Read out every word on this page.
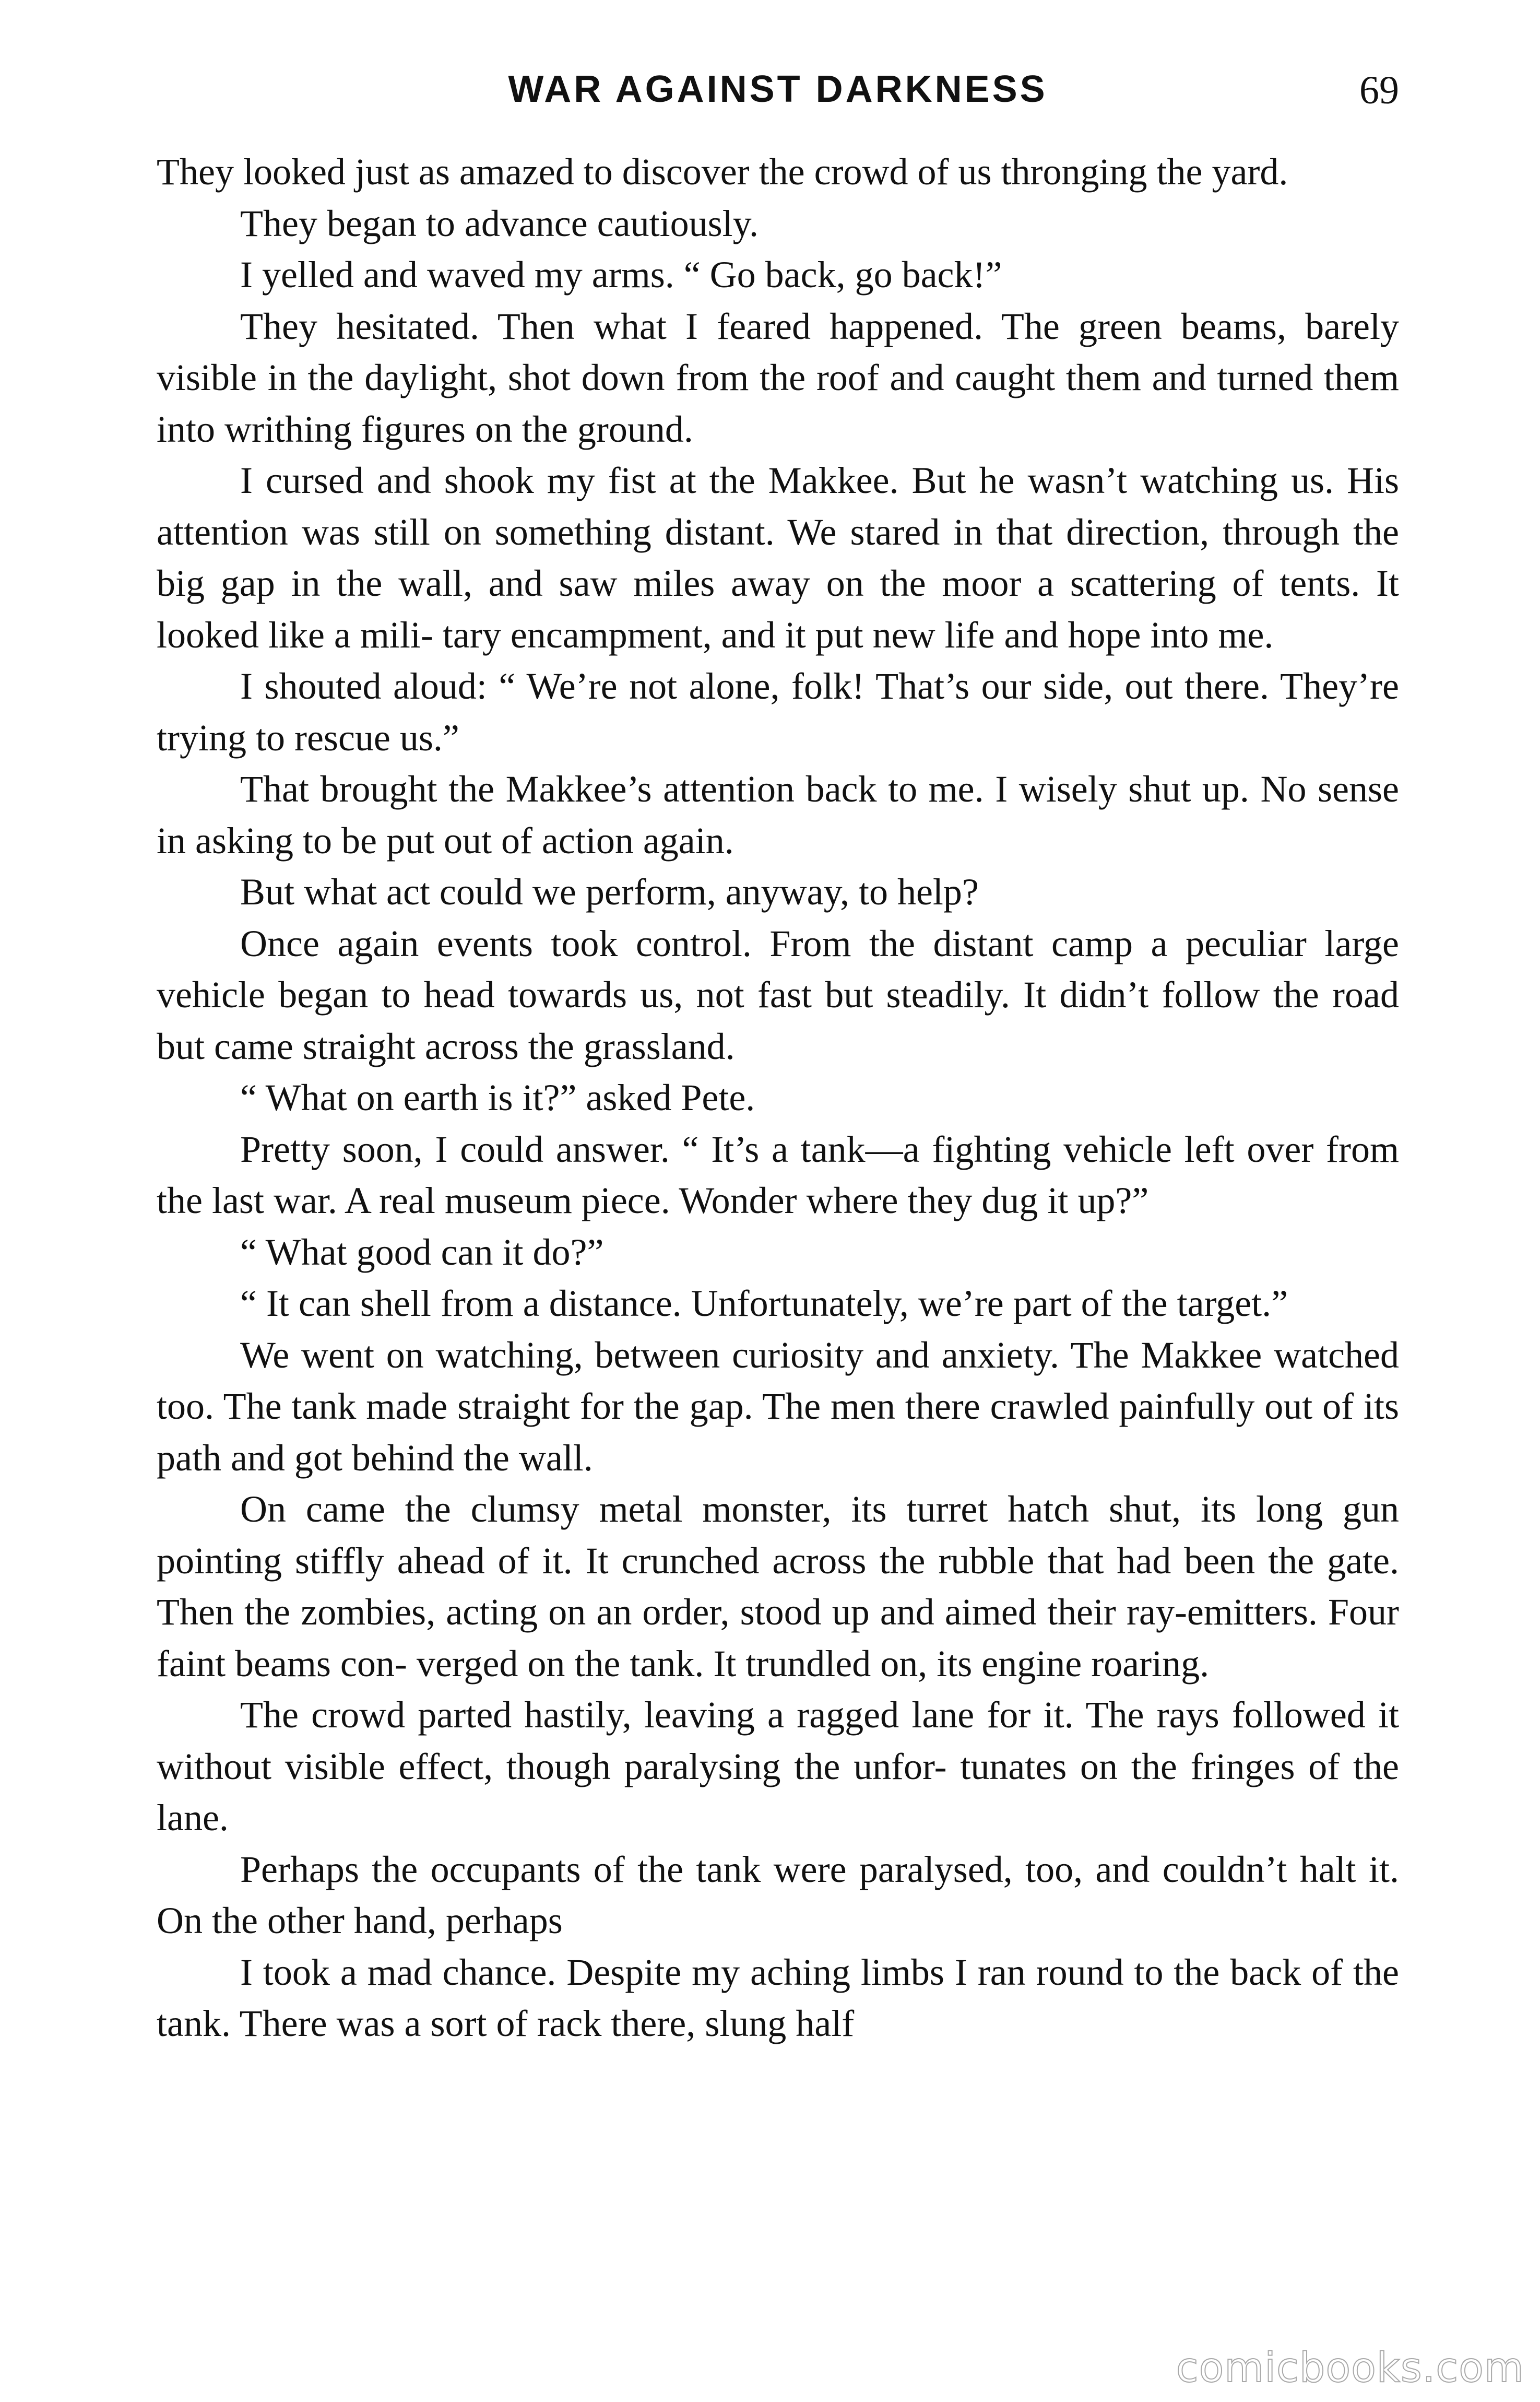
WAR AGAINST DARKNESS	69

They looked just as amazed to discover the crowd of us thronging the yard.

They began to advance cautiously.

I yelled and waved my arms. “ Go back, go back!”

They hesitated. Then what I feared happened. The green beams, barely visible in the daylight, shot down from the roof and caught them and turned them into writhing figures on the ground.

I cursed and shook my fist at the Makkee. But he wasn’t watching us. His attention was still on something distant. We stared in that direction, through the big gap in the wall, and saw miles away on the moor a scattering of tents. It looked like a mili- tary encampment, and it put new life and hope into me.

I shouted aloud: “ We’re not alone, folk! That’s our side, out there. They’re trying to rescue us.”

That brought the Makkee’s attention back to me. I wisely shut up. No sense in asking to be put out of action again.

But what act could we perform, anyway, to help?

Once again events took control. From the distant camp a peculiar large vehicle began to head towards us, not fast but steadily. It didn’t follow the road but came straight across the grassland.

“ What on earth is it?” asked Pete.

Pretty soon, I could answer. “ It’s a tank—a fighting vehicle left over from the last war. A real museum piece. Wonder where they dug it up?”

“ What good can it do?”

“ It can shell from a distance. Unfortunately, we’re part of the target.”

We went on watching, between curiosity and anxiety. The Makkee watched too. The tank made straight for the gap. The men there crawled painfully out of its path and got behind the wall.

On came the clumsy metal monster, its turret hatch shut, its long gun pointing stiffly ahead of it. It crunched across the rubble that had been the gate. Then the zombies, acting on an order, stood up and aimed their ray-emitters. Four faint beams con- verged on the tank. It trundled on, its engine roaring.

The crowd parted hastily, leaving a ragged lane for it. The rays followed it without visible effect, though paralysing the unfor- tunates on the fringes of the lane.

Perhaps the occupants of the tank were paralysed, too, and couldn’t halt it. On the other hand, perhaps

I took a mad chance. Despite my aching limbs I ran round to the back of the tank. There was a sort of rack there, slung half

comicbooks.com
